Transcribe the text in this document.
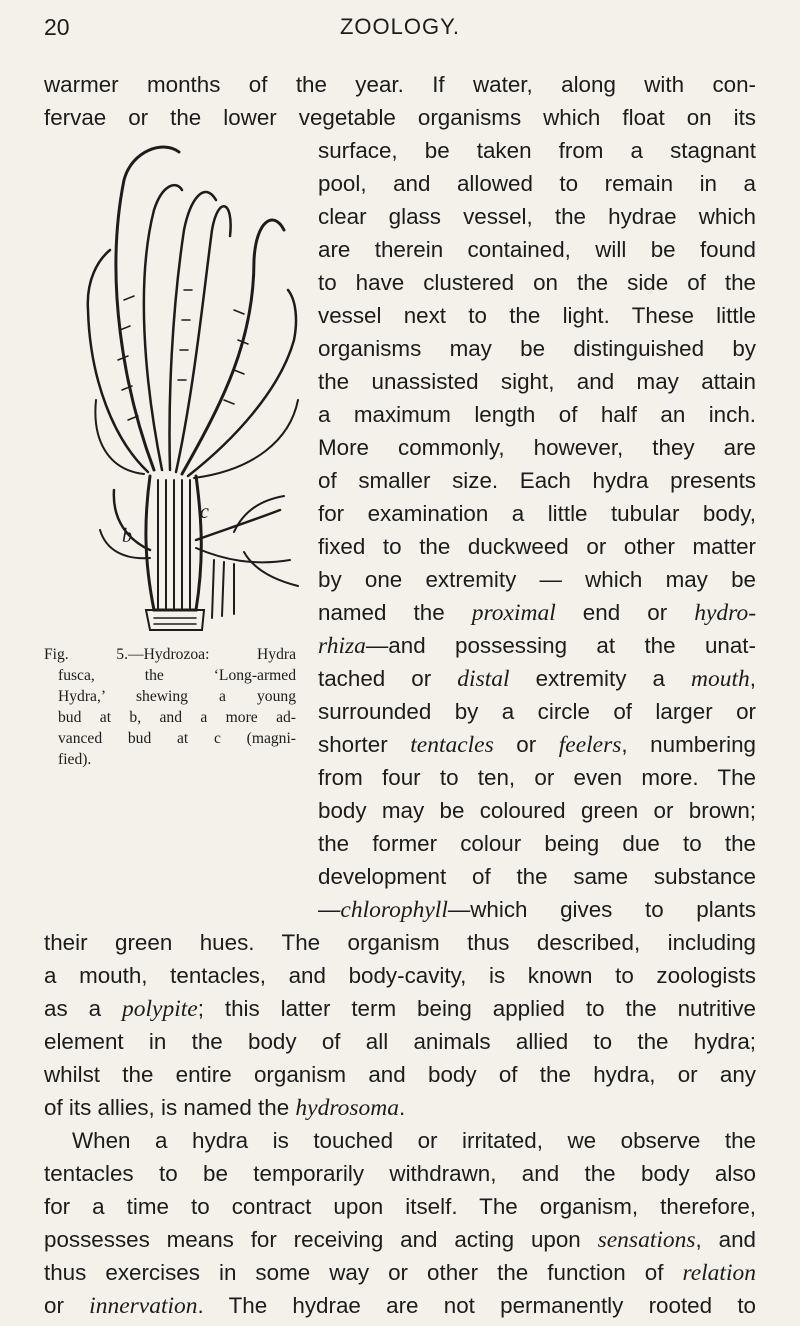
20	ZOOLOGY.
b
c
Fig. 5.—Hydrozoa: Hydra
fusca, the ‘Long-armed
Hydra,’ shewing a young
bud at b, and a more ad-
vanced bud at c (magni-
fied).
warmer months of the year. If water, along with con-
fervae or the lower vegetable organisms which float on its
surface, be taken from a stagnant
pool, and allowed to remain in a
clear glass vessel, the hydrae which
are therein contained, will be found
to have clustered on the side of the
vessel next to the light. These little
organisms may be distinguished by
the unassisted sight, and may attain
a maximum length of half an inch.
More commonly, however, they are
of smaller size. Each hydra presents
for examination a little tubular body,
fixed to the duckweed or other matter
by one extremity — which may be
named the proximal end or hydro-
rhiza—and possessing at the unat-
tached or distal extremity a mouth,
surrounded by a circle of larger or
shorter tentacles or feelers, numbering
from four to ten, or even more. The
body may be coloured green or brown;
the former colour being due to the
development of the same substance
—chlorophyll—which gives to plants
their green hues. The organism thus described, including
a mouth, tentacles, and body-cavity, is known to zoologists
as a polypite; this latter term being applied to the nutritive
element in the body of all animals allied to the hydra;
whilst the entire organism and body of the hydra, or any
of its allies, is named the hydrosoma.
When a hydra is touched or irritated, we observe the
tentacles to be temporarily withdrawn, and the body also
for a time to contract upon itself. The organism, therefore,
possesses means for receiving and acting upon sensations, and
thus exercises in some way or other the function of relation
or innervation. The hydrae are not permanently rooted to
